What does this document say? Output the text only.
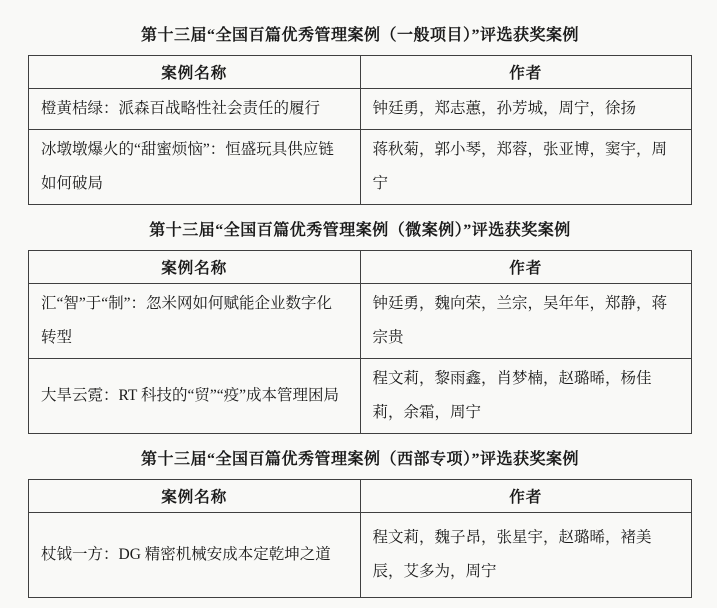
第十三届“全国百篇优秀管理案例（一般项目）”评选获奖案例
案例名称	作者
橙黄桔绿：派森百战略性社会责任的履行	钟廷勇，郑志蕙，孙芳城，周宁，徐扬
冰墩墩爆火的“甜蜜烦恼”：恒盛玩具供应链如何破局	蒋秋菊，郭小琴，郑蓉，张亚博，窦宇，周宁
第十三届“全国百篇优秀管理案例（微案例）”评选获奖案例
案例名称	作者
汇“智”于“制”：忽米网如何赋能企业数字化转型	钟廷勇，魏向荣，兰宗，吴年年，郑静，蒋宗贵
大旱云霓：RT 科技的“贸”“疫”成本管理困局	程文莉，黎雨鑫，肖梦楠，赵璐晞，杨佳莉，余霜，周宁
第十三届“全国百篇优秀管理案例（西部专项）”评选获奖案例
案例名称	作者
杖钺一方：DG 精密机械安成本定乾坤之道	程文莉，魏子昂，张星宇，赵璐晞，褚美辰，艾多为，周宁
